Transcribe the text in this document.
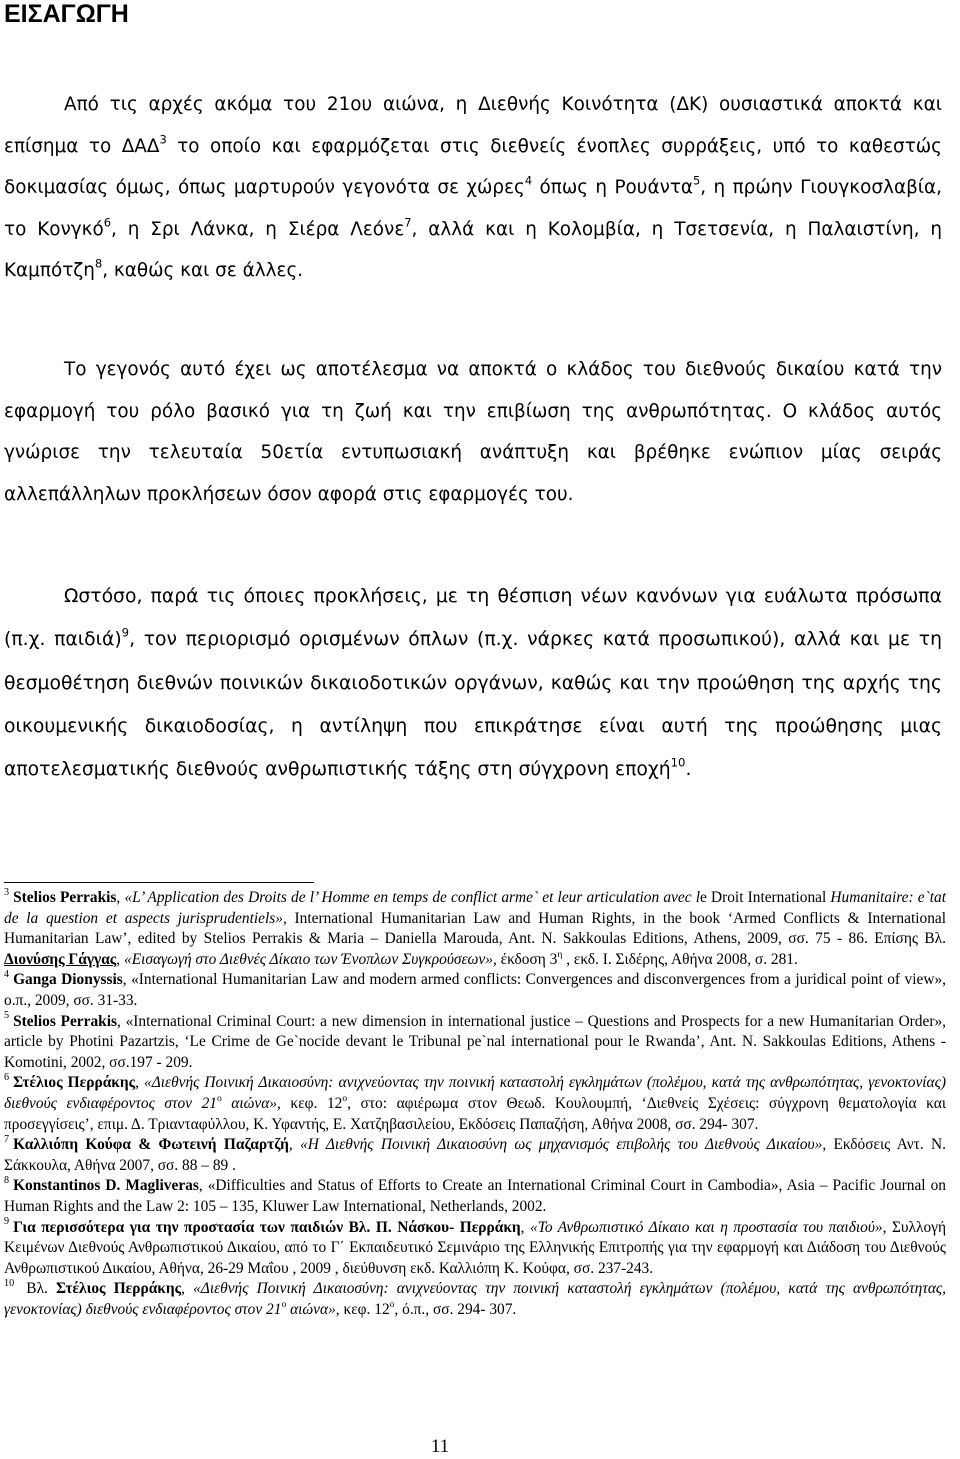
ΕΙΣΑΓΩΓΗ

Από τις αρχές ακόμα του 21ου αιώνα, η Διεθνής Κοινότητα (ΔΚ) ουσιαστικά αποκτά και επίσημα το ΔΑΔ$^3$ το οποίο και εφαρμόζεται στις διεθνείς ένοπλες συρράξεις, υπό το καθεστώς δοκιμασίας όμως, όπως μαρτυρούν γεγονότα σε χώρες$^4$ όπως η Ρουάντα$^5$, η πρώην Γιουγκοσλαβία, το Κονγκό$^6$, η Σρι Λάνκα, η Σιέρα Λεόνε$^7$, αλλά και η Κολομβία, η Τσετσενία, η Παλαιστίνη, η Καμπότζη$^8$, καθώς και σε άλλες.

Το γεγονός αυτό έχει ως αποτέλεσμα να αποκτά ο κλάδος του διεθνούς δικαίου κατά την εφαρμογή του ρόλο βασικό για τη ζωή και την επιβίωση της ανθρωπότητας. Ο κλάδος αυτός γνώρισε την τελευταία 50ετία εντυπωσιακή ανάπτυξη και βρέθηκε ενώπιον μίας σειράς αλλεπάλληλων προκλήσεων όσον αφορά στις εφαρμογές του.

Ωστόσο, παρά τις όποιες προκλήσεις, με τη θέσπιση νέων κανόνων για ευάλωτα πρόσωπα (π.χ. παιδιά)$^9$, τον περιορισμό ορισμένων όπλων (π.χ. νάρκες κατά προσωπικού), αλλά και με τη θεσμοθέτηση διεθνών ποινικών δικαιοδοτικών οργάνων, καθώς και την προώθηση της αρχής της οικουμενικής δικαιοδοσίας, η αντίληψη που επικράτησε είναι αυτή της προώθησης μιας αποτελεσματικής διεθνούς ανθρωπιστικής τάξης στη σύγχρονη εποχή$^{10}$.

$^3$ Stelios Perrakis, «L’ Application des Droits de l’ Homme en temps de conflict arme` et leur articulation avec le Droit International Humanitaire: e`tat de la question et aspects jurisprudentiels», International Humanitarian Law and Human Rights, in the book ‘Armed Conflicts & International Humanitarian Law’, edited by Stelios Perrakis & Maria – Daniella Marouda, Ant. N. Sakkoulas Editions, Athens, 2009, σσ. 75 - 86. Επίσης Βλ. Διονύσης Γάγγας, «Εισαγωγή στο Διεθνές Δίκαιο των Ένοπλων Συγκρούσεων», έκδοση $3^\eta$ , εκδ. Ι. Σιδέρης, Αθήνα 2008, σ. 281.

$^4$ Ganga Dionyssis, «International Humanitarian Law and modern armed conflicts: Convergences and disconvergences from a juridical point of view», ο.π., 2009, σσ. 31-33.

$^5$ Stelios Perrakis, «International Criminal Court: a new dimension in international justice – Questions and Prospects for a new Humanitarian Order», article by Photini Pazartzis, ‘Le Crime de Ge`nocide devant le Tribunal pe`nal international pour le Rwanda’, Ant. N. Sakkoulas Editions, Athens - Komotini, 2002, σσ.197 - 209.

$^6$ Στέλιος Περράκης, «Διεθνής Ποινική Δικαιοσύνη: ανιχνεύοντας την ποινική καταστολή εγκλημάτων (πολέμου, κατά της ανθρωπότητας, γενοκτονίας) διεθνούς ενδιαφέροντος στον $21^o$ αιώνα», κεφ. $12^o$, στο: αφιέρωμα στον Θεωδ. Κουλουμπή, ‘Διεθνείς Σχέσεις: σύγχρονη θεματολογία και προσεγγίσεις’, επιμ. Δ. Τριανταφύλλου, Κ. Υφαντής, Ε. Χατζηβασιλείου, Εκδόσεις Παπαζήση, Αθήνα 2008, σσ. 294- 307.

$^7$ Καλλιόπη Κούφα & Φωτεινή Παζαρτζή, «Η Διεθνής Ποινική Δικαιοσύνη ως μηχανισμός επιβολής του Διεθνούς Δικαίου», Εκδόσεις Αντ. Ν. Σάκκουλα, Αθήνα 2007, σσ. 88 – 89 .

$^8$ Konstantinos D. Magliveras, «Difficulties and Status of Efforts to Create an International Criminal Court in Cambodia», Asia – Pacific Journal on Human Rights and the Law 2: 105 – 135, Kluwer Law International, Netherlands, 2002.

$^9$ Για περισσότερα για την προστασία των παιδιών Βλ. Π. Νάσκου- Περράκη, «Το Ανθρωπιστικό Δίκαιο και η προστασία του παιδιού», Συλλογή Κειμένων Διεθνούς Ανθρωπιστικού Δικαίου, από το Γ΄ Εκπαιδευτικό Σεμινάριο της Ελληνικής Επιτροπής για την εφαρμογή και Διάδοση του Διεθνούς Ανθρωπιστικού Δικαίου, Αθήνα, 26-29 Μαΐου , 2009 , διεύθυνση εκδ. Καλλιόπη Κ. Κούφα, σσ. 237-243.

$^{10}$ Βλ. Στέλιος Περράκης, «Διεθνής Ποινική Δικαιοσύνη: ανιχνεύοντας την ποινική καταστολή εγκλημάτων (πολέμου, κατά της ανθρωπότητας, γενοκτονίας) διεθνούς ενδιαφέροντος στον $21^o$ αιώνα», κεφ. $12^o$, ό.π., σσ. 294- 307.

11
